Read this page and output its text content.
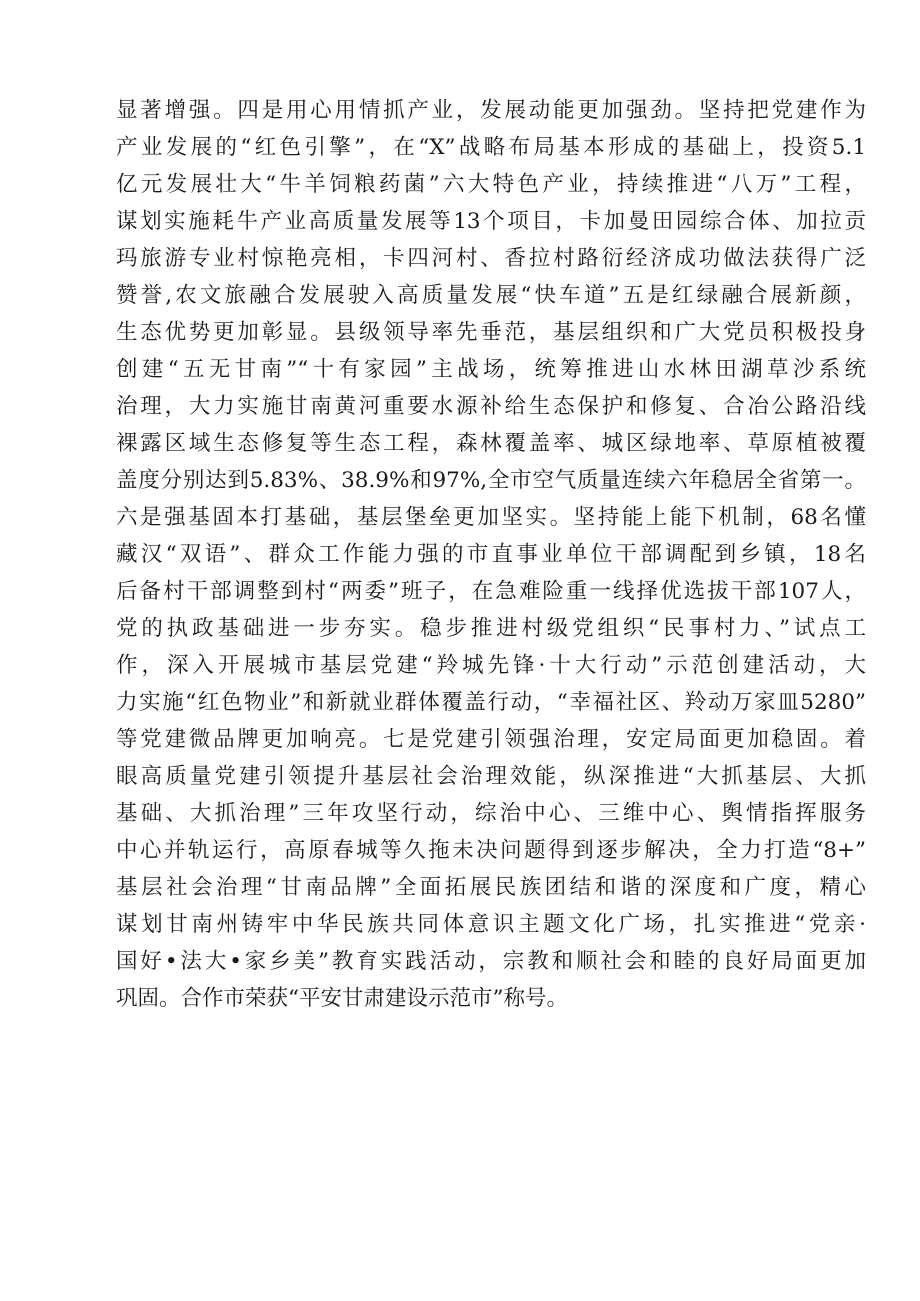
显著增强。四是用心用情抓产业，发展动能更加强劲。坚持把党建作为
产业发展的“红色引擎”，在“X”战略布局基本形成的基础上，投资5.1
亿元发展壮大“牛羊饲粮药菌”六大特色产业，持续推进“八万”工程，
谋划实施耗牛产业高质量发展等13个项目，卡加曼田园综合体、加拉贡
玛旅游专业村惊艳亮相，卡四河村、香拉村路衍经济成功做法获得广泛
赞誉,农文旅融合发展驶入高质量发展“快车道”五是红绿融合展新颜，
生态优势更加彰显。县级领导率先垂范，基层组织和广大党员积极投身
创建“五无甘南”“十有家园”主战场，统筹推进山水林田湖草沙系统
治理，大力实施甘南黄河重要水源补给生态保护和修复、合冶公路沿线
裸露区域生态修复等生态工程，森林覆盖率、城区绿地率、草原植被覆
盖度分别达到5.83%、38.9%和97%,全市空气质量连续六年稳居全省第一。
六是强基固本打基础，基层堡垒更加坚实。坚持能上能下机制，68名懂
藏汉“双语”、群众工作能力强的市直事业单位干部调配到乡镇，18名
后备村干部调整到村“两委”班子，在急难险重一线择优选拔干部107人，
党的执政基础进一步夯实。稳步推进村级党组织“民事村力、”试点工
作，深入开展城市基层党建“羚城先锋·十大行动”示范创建活动，大
力实施“红色物业”和新就业群体覆盖行动，“幸福社区、羚动万家皿5280”
等党建微品牌更加响亮。七是党建引领强治理，安定局面更加稳固。着
眼高质量党建引领提升基层社会治理效能，纵深推进“大抓基层、大抓
基础、大抓治理”三年攻坚行动，综治中心、三维中心、舆情指挥服务
中心并轨运行，高原春城等久拖未决问题得到逐步解决，全力打造“8+”
基层社会治理“甘南品牌”全面拓展民族团结和谐的深度和广度，精心
谋划甘南州铸牢中华民族共同体意识主题文化广场，扎实推进“党亲·
国好•法大•家乡美”教育实践活动，宗教和顺社会和睦的良好局面更加
巩固。合作市荣获“平安甘肃建设示范市”称号。
